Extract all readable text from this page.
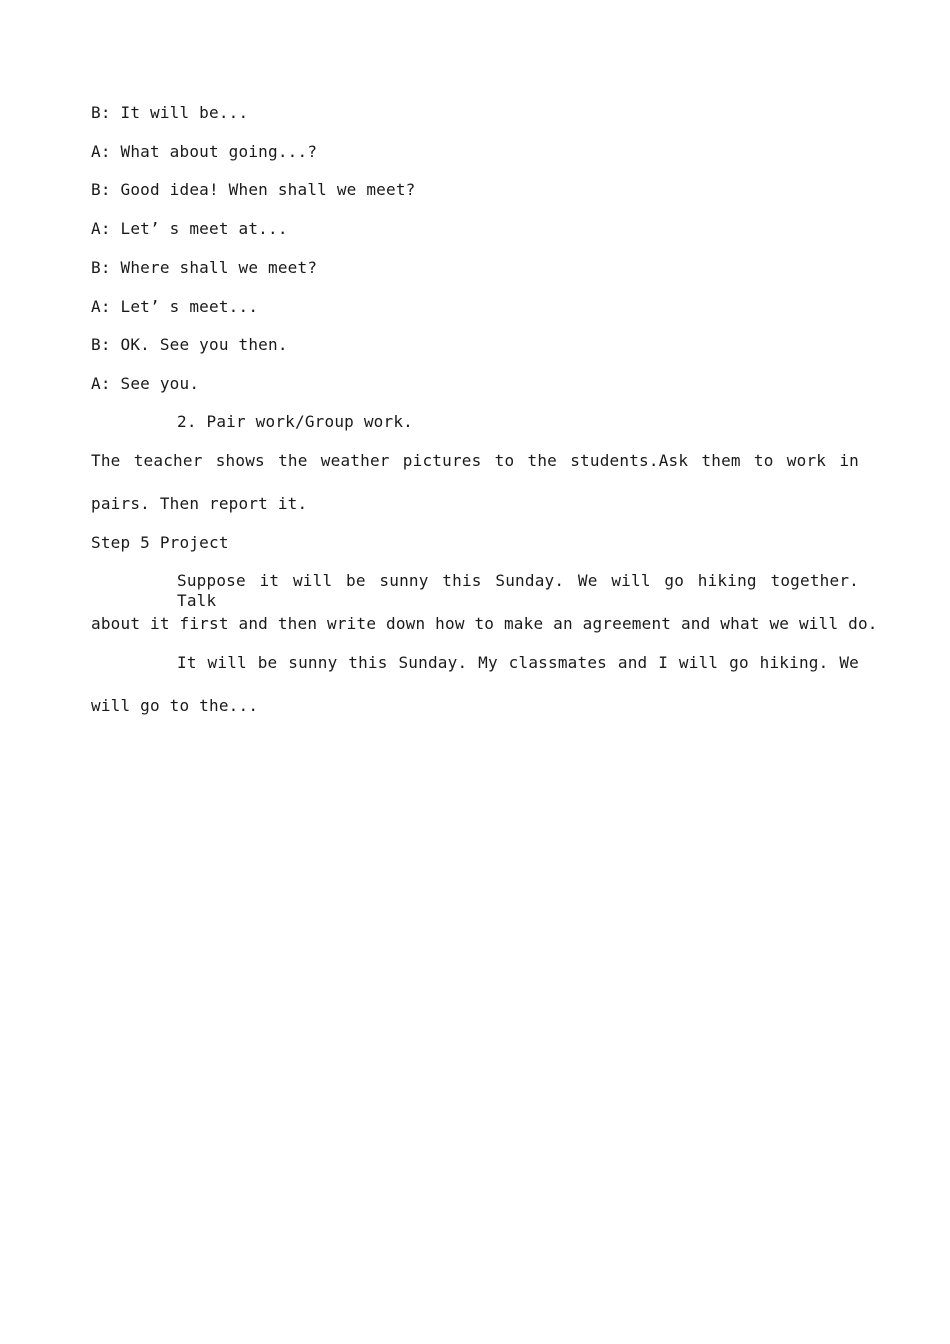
B: It will be...
A: What about going...?
B: Good idea! When shall we meet?
A: Let’ s meet at...
B: Where shall we meet?
A: Let’ s meet...
B: OK. See you then.
A: See you.
2. Pair work/Group work.
The teacher shows the weather pictures to the students.Ask them to work in
pairs. Then report it.
Step 5 Project
Suppose it will be sunny this Sunday. We will go hiking together. Talk
about it first and then write down how to make an agreement and what we will do.
It will be sunny this Sunday. My classmates and I will go hiking. We
will go to the...
